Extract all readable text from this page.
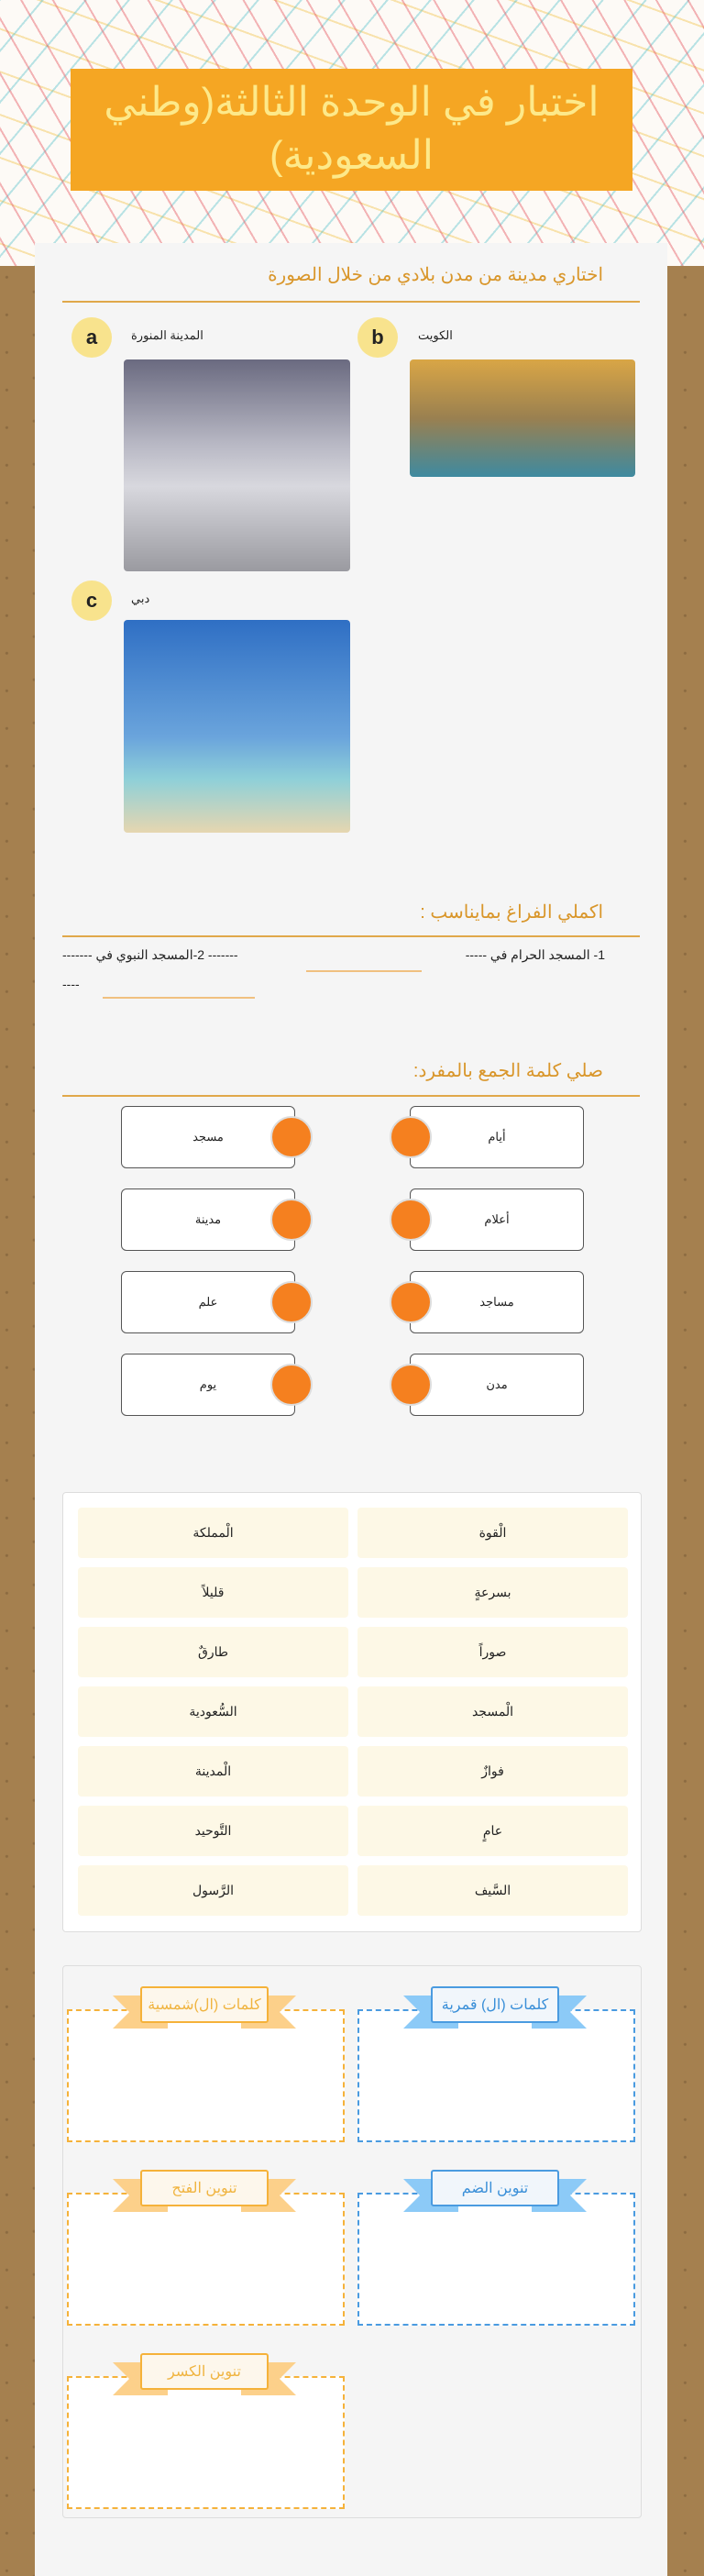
اختبار في الوحدة الثالثة(وطني السعودية)
اختاري مدينة من مدن بلادي من خلال الصورة
a	المدينة المنورة	b	الكويت
c	دبي
اكملي الفراغ بمايناسب :
1- المسجد الحرام في -----
------- 2-المسجد النبوي في -------
----
صلي كلمة الجمع بالمفرد:
مسجد	أيام
مدينة	أعلام
علم	مساجد
يوم	مدن
الْمملكة	الْقوة
قليلاً	بسرعةٍ
طارقٌ	صوراً
السُّعودية	الْمسجد
الْمدينة	فوازٌ
التَّوحيد	عامٍ
الرَّسول	السَّيف
كلمات (ال) قمرية
كلمات (ال)شمسية
تنوين الضم
تنوين الفتح
تنوين الكسر
